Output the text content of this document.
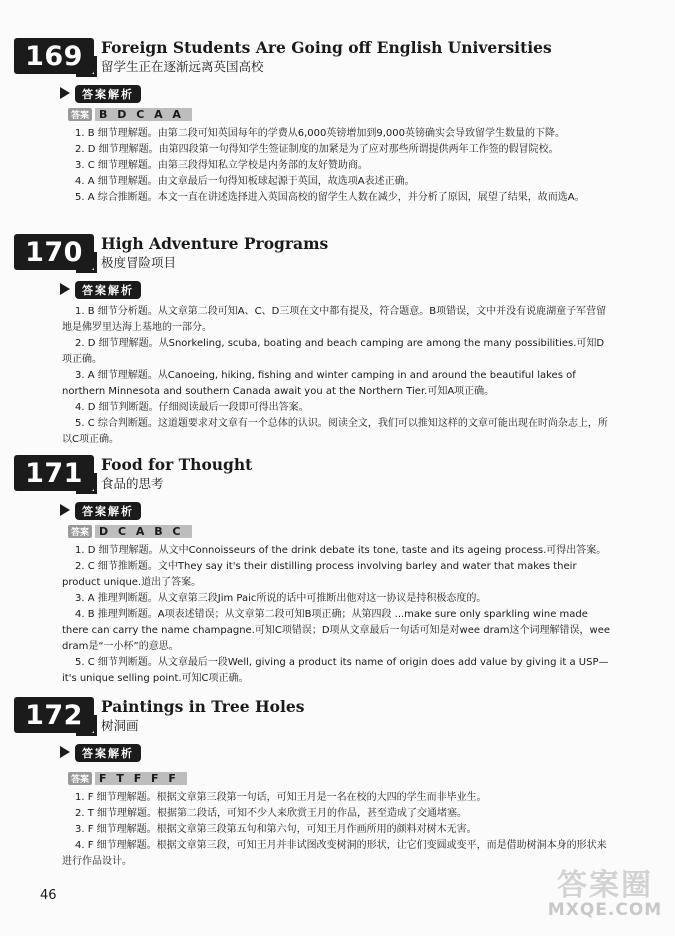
169	Foreign Students Are Going off English Universities
留学生正在逐渐远离英国高校
答案解析
答案 B D C A A
1. B 细节理解题。由第二段可知英国每年的学费从6,000英镑增加到9,000英镑确实会导致留学生数量的下降。
2. D 细节理解题。由第四段第一句得知学生签证制度的加紧是为了应对那些所谓提供两年工作签的假冒院校。
3. C 细节理解题。由第三段得知私立学校是内务部的友好赞助商。
4. A 细节理解题。由文章最后一句得知板球起源于英国，故选项A表述正确。
5. A 综合推断题。本文一直在讲述选择进入英国高校的留学生人数在减少，并分析了原因，展望了结果，故而选A。
170	High Adventure Programs
极度冒险项目
答案解析
1. B 细节分析题。从文章第二段可知A、C、D三项在文中都有提及，符合题意。B项错误，文中并没有说鹿湖童子军营留地是佛罗里达海上基地的一部分。
2. D 细节理解题。从Snorkeling, scuba, boating and beach camping are among the many possibilities.可知D项正确。
3. A 细节理解题。从Canoeing, hiking, fishing and winter camping in and around the beautiful lakes of northern Minnesota and southern Canada await you at the Northern Tier.可知A项正确。
4. D 细节判断题。仔细阅读最后一段即可得出答案。
5. C 综合判断题。这道题要求对文章有一个总体的认识。阅读全文，我们可以推知这样的文章可能出现在时尚杂志上，所以C项正确。
171	Food for Thought
食品的思考
答案解析
答案 D C A B C
1. D 细节理解题。从文中Connoisseurs of the drink debate its tone, taste and its ageing process.可得出答案。
2. C 细节推断题。文中They say it's their distilling process involving barley and water that makes their product unique.道出了答案。
3. A 推理判断题。从文章第三段Jim Paic所说的话中可推断出他对这一协议是持积极态度的。
4. B 推理判断题。A项表述错误；从文章第二段可知B项正确；从第四段 ...make sure only sparkling wine made there can carry the name champagne.可知C项错误；D项从文章最后一句话可知是对wee dram这个词理解错误，wee dram是“一小杯”的意思。
5. C 细节判断题。从文章最后一段Well, giving a product its name of origin does add value by giving it a USP—it's unique selling point.可知C项正确。
172	Paintings in Tree Holes
树洞画
答案解析
答案 F T F F F
1. F 细节理解题。根据文章第三段第一句话，可知王月是一名在校的大四的学生而非毕业生。
2. T 细节理解题。根据第二段话，可知不少人来欣赏王月的作品，甚至造成了交通堵塞。
3. F 细节理解题。根据文章第三段第五句和第六句，可知王月作画所用的颜料对树木无害。
4. F 细节理解题。根据文章第三段，可知王月并非试图改变树洞的形状，让它们变圆或变平，而是借助树洞本身的形状来进行作品设计。
46	答案圈
MXQE.COM
